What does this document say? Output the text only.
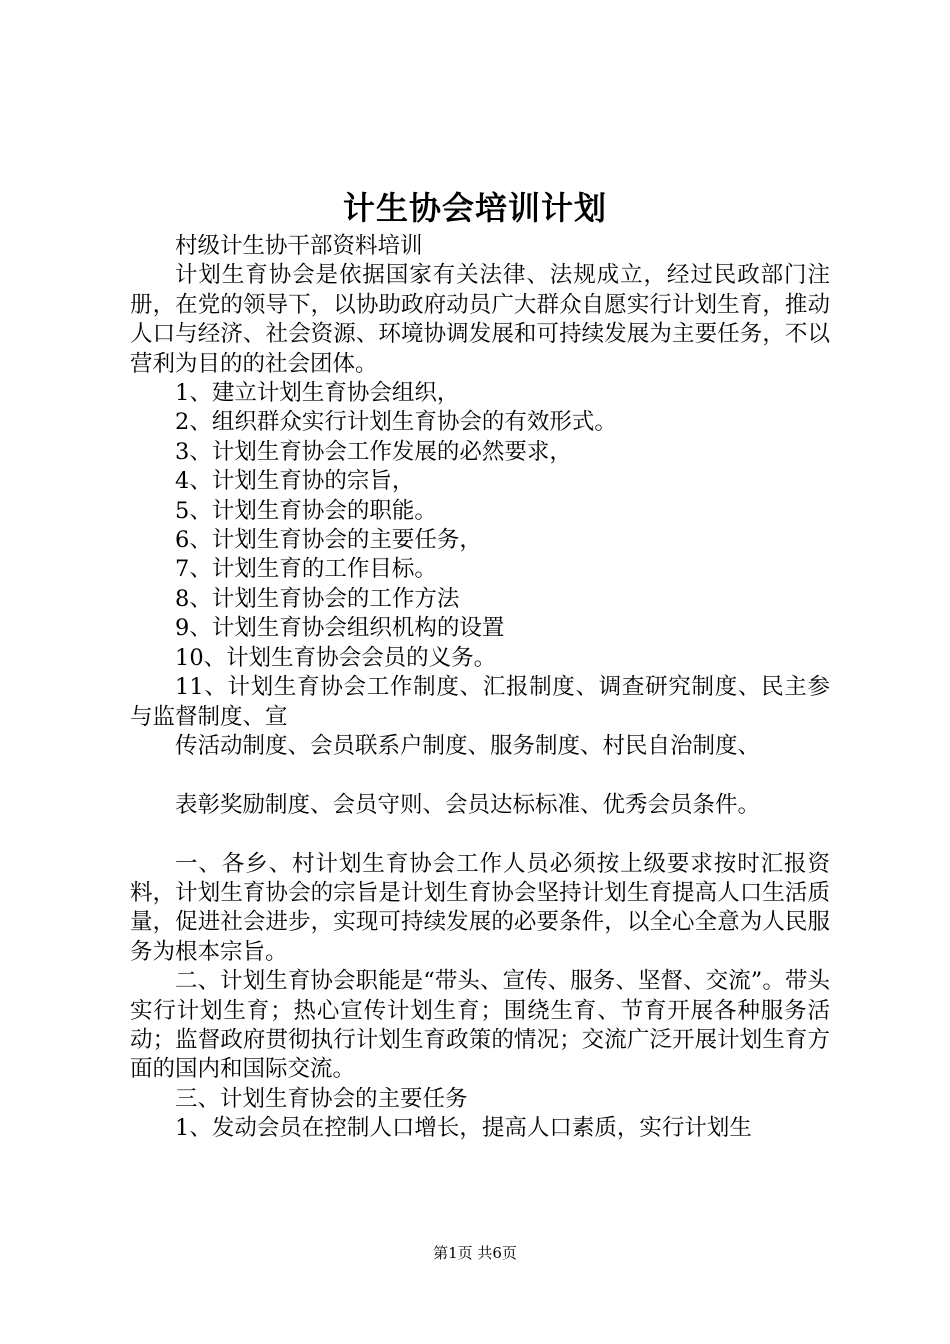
计生协会培训计划

村级计生协干部资料培训

计划生育协会是依据国家有关法律、法规成立，经过民政部门注册，在党的领导下，以协助政府动员广大群众自愿实行计划生育，推动人口与经济、社会资源、环境协调发展和可持续发展为主要任务，不以营利为目的的社会团体。

1、建立计划生育协会组织，

2、组织群众实行计划生育协会的有效形式。

3、计划生育协会工作发展的必然要求，

4、计划生育协的宗旨，

5、计划生育协会的职能。

6、计划生育协会的主要任务，

7、计划生育的工作目标。

8、计划生育协会的工作方法

9、计划生育协会组织机构的设置

10、计划生育协会会员的义务。

11、计划生育协会工作制度、汇报制度、调查研究制度、民主参与监督制度、宣

传活动制度、会员联系户制度、服务制度、村民自治制度、

表彰奖励制度、会员守则、会员达标标准、优秀会员条件。

一、各乡、村计划生育协会工作人员必须按上级要求按时汇报资料，计划生育协会的宗旨是计划生育协会坚持计划生育提高人口生活质量，促进社会进步，实现可持续发展的必要条件，以全心全意为人民服务为根本宗旨。

二、计划生育协会职能是“带头、宣传、服务、坚督、交流”。带头实行计划生育；热心宣传计划生育；围绕生育、节育开展各种服务活动；监督政府贯彻执行计划生育政策的情况；交流广泛开展计划生育方面的国内和国际交流。

三、计划生育协会的主要任务

1、发动会员在控制人口增长，提高人口素质，实行计划生

第1页 共6页
